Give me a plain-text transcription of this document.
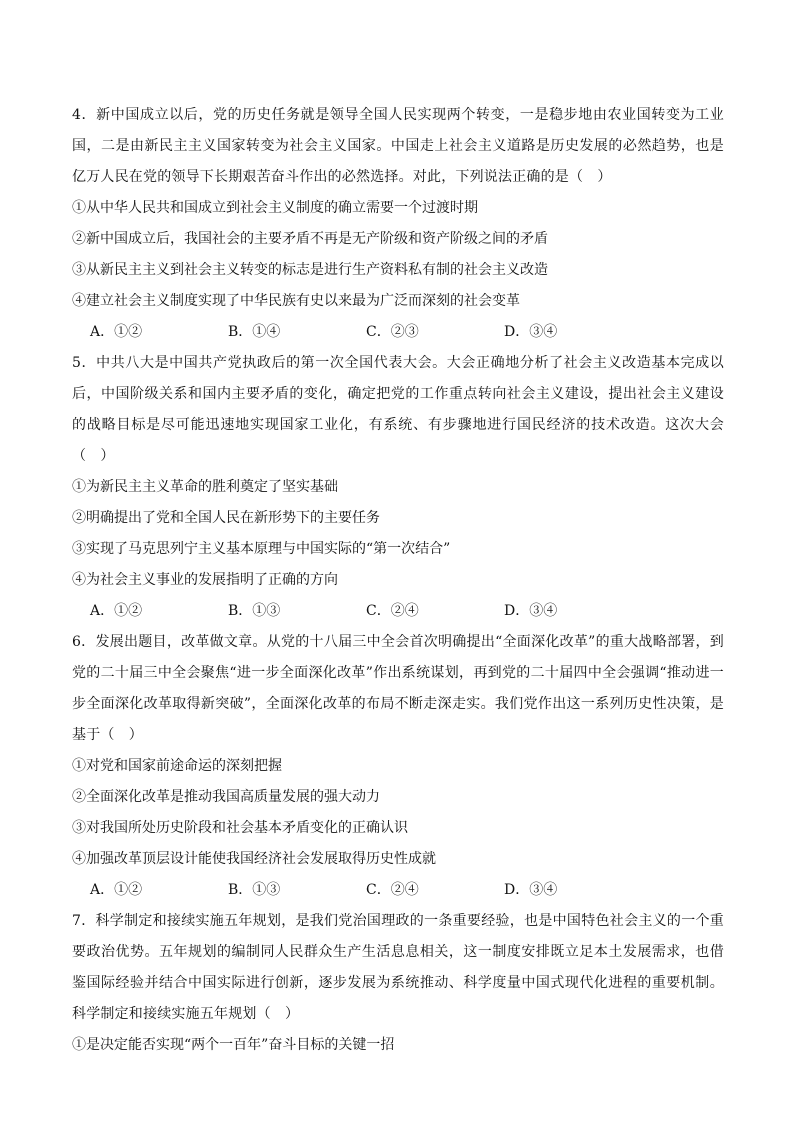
4．新中国成立以后，党的历史任务就是领导全国人民实现两个转变，一是稳步地由农业国转变为工业国，二是由新民主主义国家转变为社会主义国家。中国走上社会主义道路是历史发展的必然趋势，也是亿万人民在党的领导下长期艰苦奋斗作出的必然选择。对此，下列说法正确的是（　）

①从中华人民共和国成立到社会主义制度的确立需要一个过渡时期

②新中国成立后，我国社会的主要矛盾不再是无产阶级和资产阶级之间的矛盾

③从新民主主义到社会主义转变的标志是进行生产资料私有制的社会主义改造

④建立社会主义制度实现了中华民族有史以来最为广泛而深刻的社会变革

A．①②	B．①④	C．②③	D．③④

5．中共八大是中国共产党执政后的第一次全国代表大会。大会正确地分析了社会主义改造基本完成以后，中国阶级关系和国内主要矛盾的变化，确定把党的工作重点转向社会主义建设，提出社会主义建设的战略目标是尽可能迅速地实现国家工业化，有系统、有步骤地进行国民经济的技术改造。这次大会（　）

①为新民主主义革命的胜利奠定了坚实基础

②明确提出了党和全国人民在新形势下的主要任务

③实现了马克思列宁主义基本原理与中国实际的“第一次结合”

④为社会主义事业的发展指明了正确的方向

A．①②	B．①③	C．②④	D．③④

6．发展出题目，改革做文章。从党的十八届三中全会首次明确提出“全面深化改革”的重大战略部署，到党的二十届三中全会聚焦“进一步全面深化改革”作出系统谋划，再到党的二十届四中全会强调“推动进一步全面深化改革取得新突破”，全面深化改革的布局不断走深走实。我们党作出这一系列历史性决策，是基于（　）

①对党和国家前途命运的深刻把握

②全面深化改革是推动我国高质量发展的强大动力

③对我国所处历史阶段和社会基本矛盾变化的正确认识

④加强改革顶层设计能使我国经济社会发展取得历史性成就

A．①②	B．①③	C．②④	D．③④

7．科学制定和接续实施五年规划，是我们党治国理政的一条重要经验，也是中国特色社会主义的一个重要政治优势。五年规划的编制同人民群众生产生活息息相关，这一制度安排既立足本土发展需求，也借鉴国际经验并结合中国实际进行创新，逐步发展为系统推动、科学度量中国式现代化进程的重要机制。科学制定和接续实施五年规划（　）

①是决定能否实现“两个一百年”奋斗目标的关键一招
